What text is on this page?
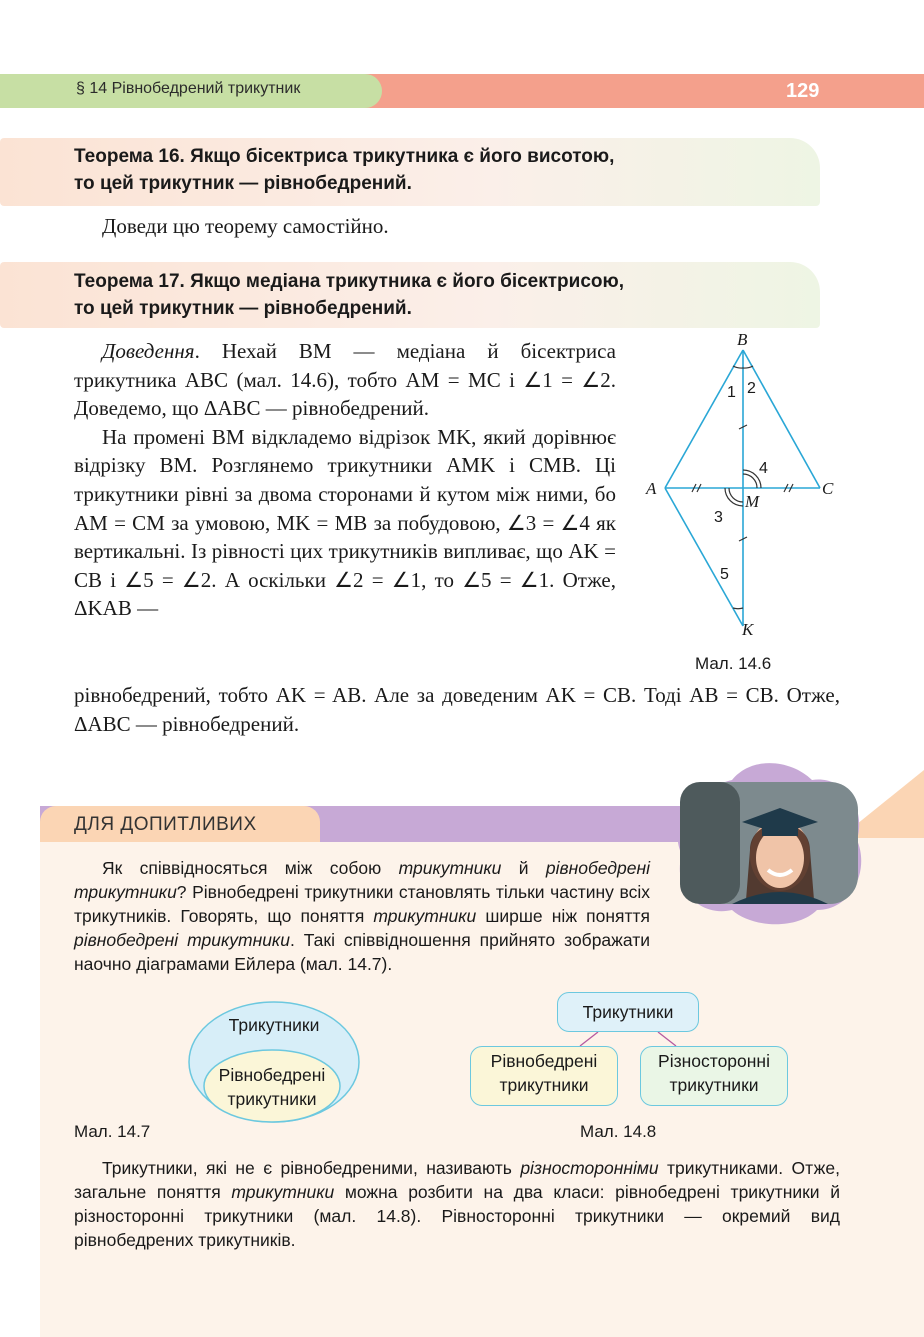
§ 14 Рівнобедрений трикутник	129
Теорема 16. Якщо бісектриса трикутника є його висотою,
то цей трикутник — рівнобедрений.
Доведи цю теорему самостійно.
Теорема 17. Якщо медіана трикутника є його бісектрисою,
то цей трикутник — рівнобедрений.

Доведення. Нехай BM — медіана й бісектриса трикутника ABC (мал. 14.6), тобто AM = MC і ∠1 = ∠2. Доведемо, що ΔABC — рівнобедрений.

На промені BM відкладемо відрізок MK, який дорівнює відрізку BM. Розглянемо трикутники AMK і CMB. Ці трикутники рівні за двома сторонами й кутом між ними, бо AM = CM за умовою, MK = MB за побудовою, ∠3 = ∠4 як вертикальні. Із рівності цих трикутників випливає, що AK = CB і ∠5 = ∠2. А оскільки ∠2 = ∠1, то ∠5 = ∠1. Отже, ΔKAB —

рівнобедрений, тобто AK = AB. Але за доведеним AK = CB. Тоді AB = CB. Отже, ΔABC — рівнобедрений.
B
A	C
M
K
1 2
4
3
5
Мал. 14.6
ДЛЯ ДОПИТЛИВИХ

Як співвідносяться між собою трикутники й рівнобедрені трикутники? Рівнобедрені трикутники становлять тільки частину всіх трикутників. Говорять, що поняття трикутники ширше ніж поняття рівнобедрені трикутники. Такі співвідношення прийнято зображати наочно діаграмами Ейлера (мал. 14.7).

Трикутники
Рівнобедрені
трикутники
Мал. 14.7
Трикутники
Рівнобедрені
трикутники
Різносторонні
трикутники
Мал. 14.8

Трикутники, які не є рівнобедреними, називають різносторонніми трикутниками. Отже, загальне поняття трикутники можна розбити на два класи: рівнобедрені трикутники й різносторонні трикутники (мал. 14.8). Рівносторонні трикутники — окремий вид рівнобедрених трикутників.
